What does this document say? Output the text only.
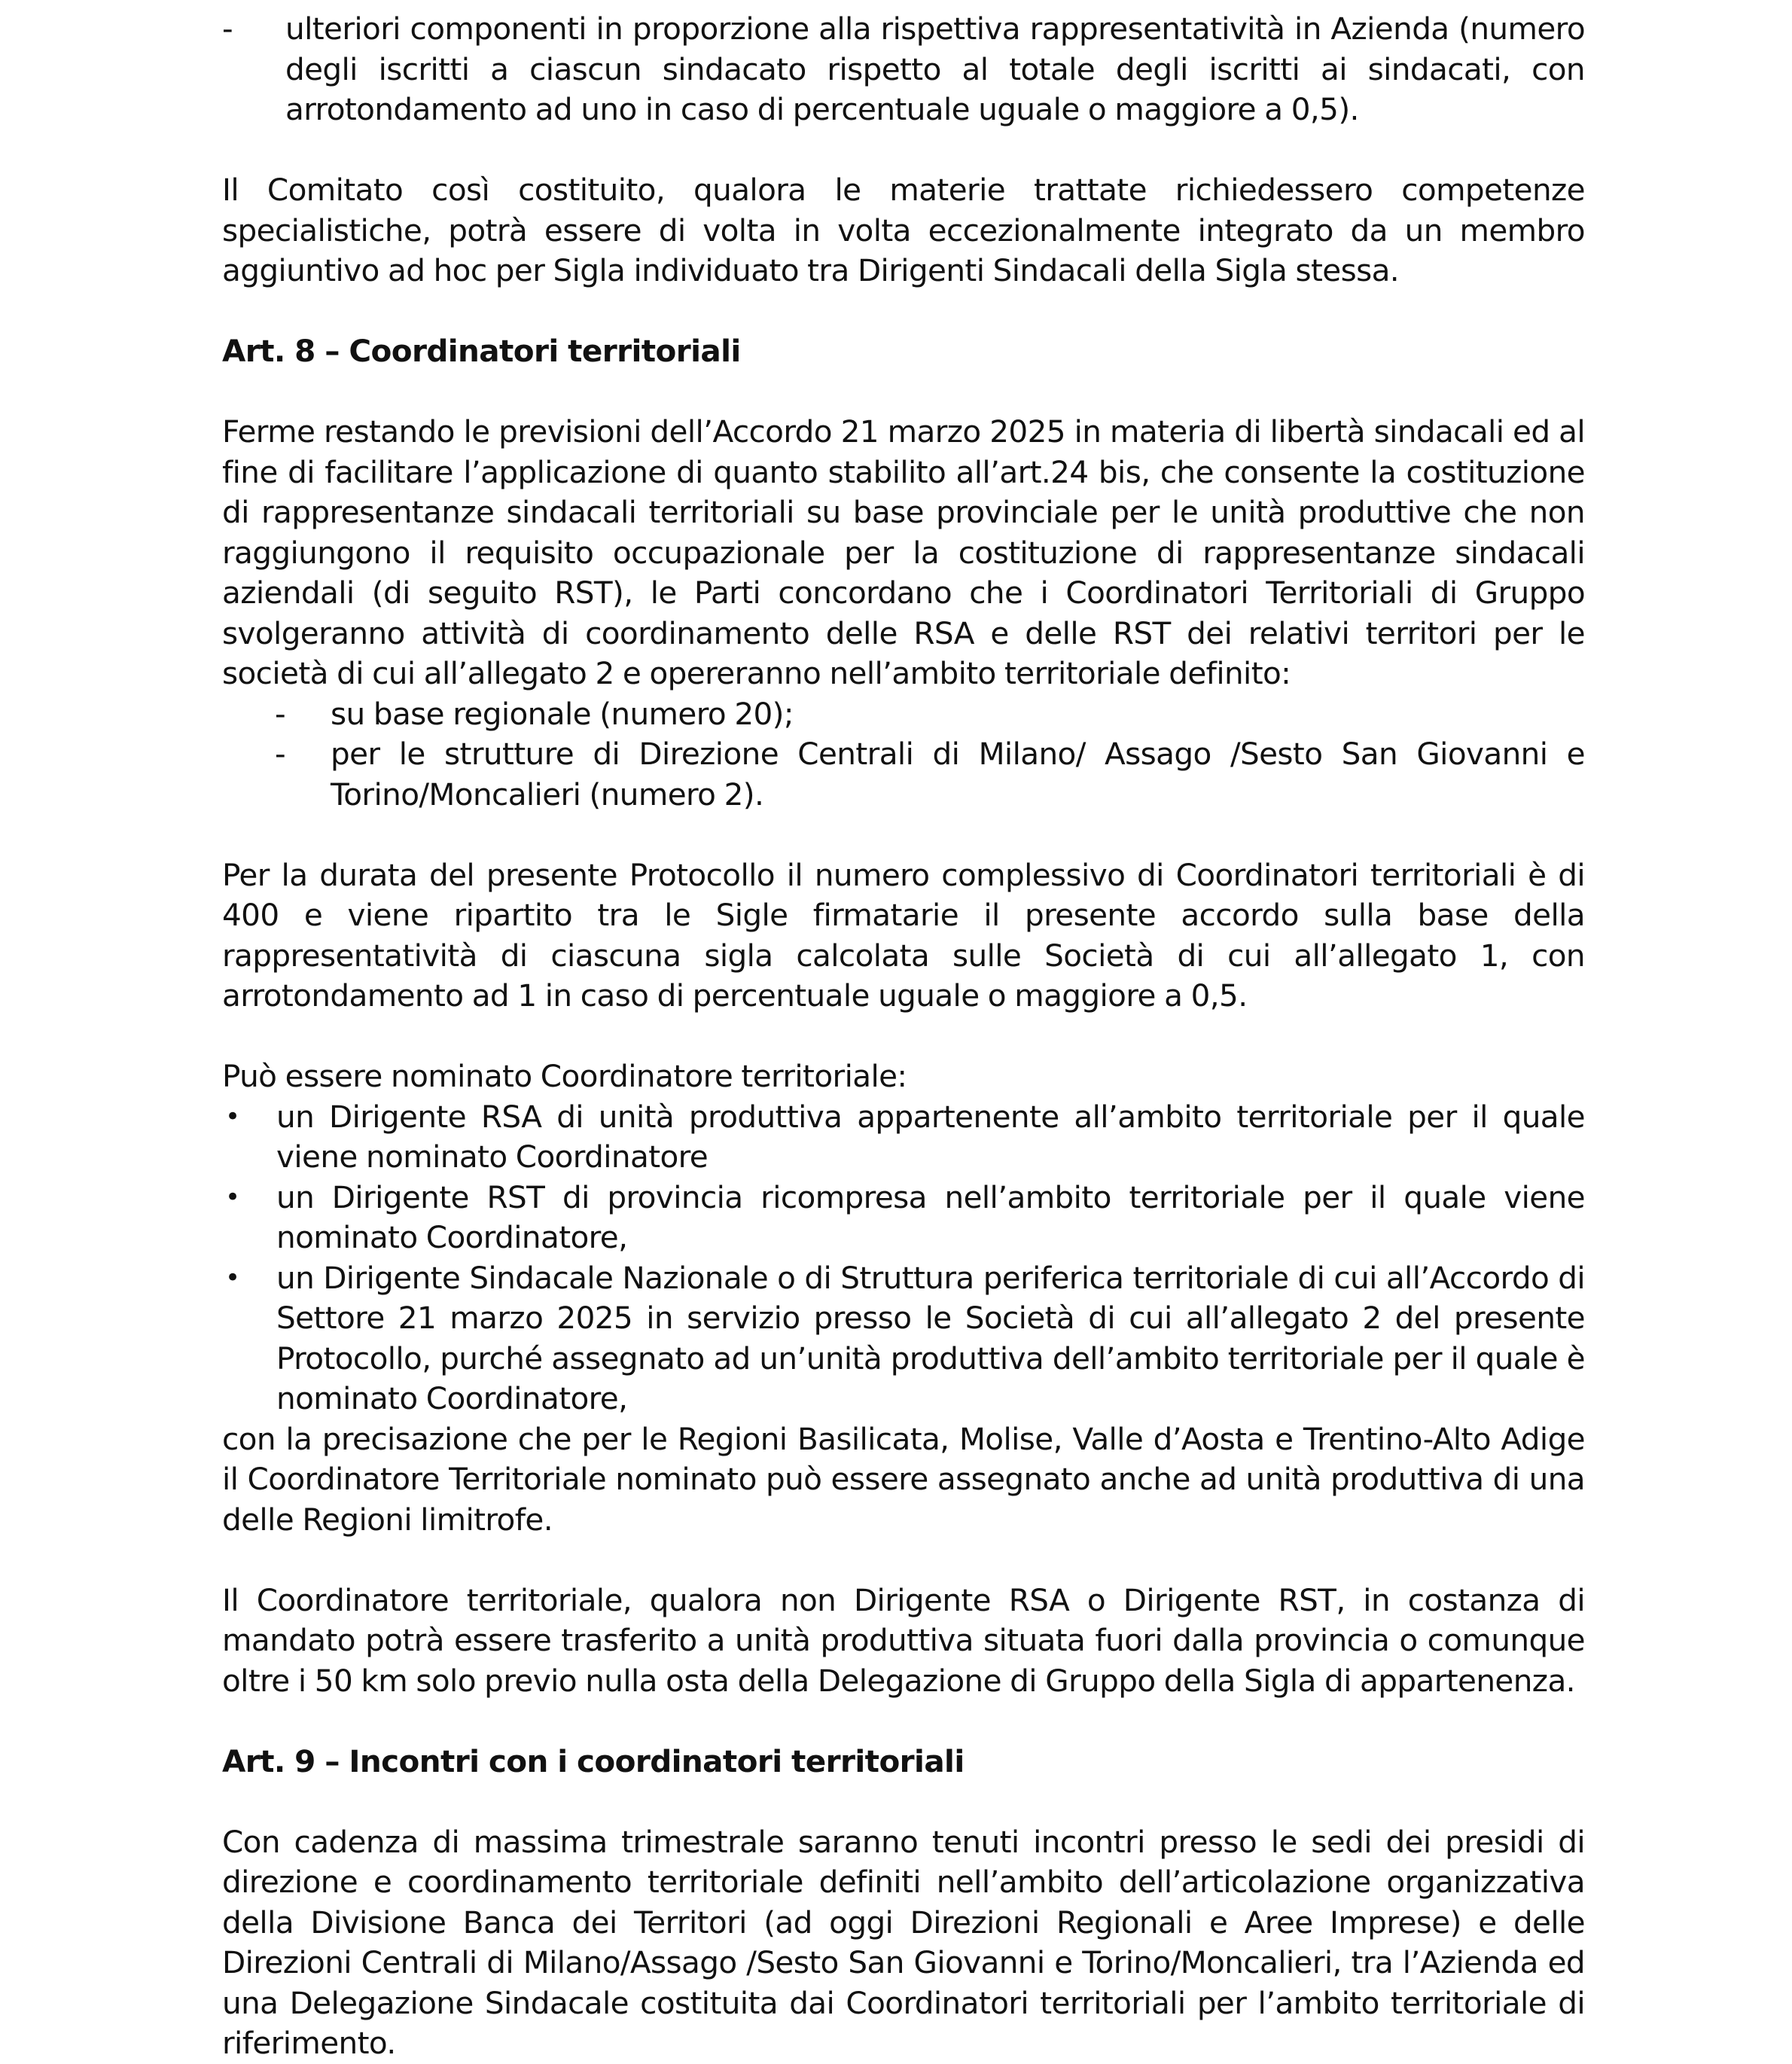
- ulteriori componenti in proporzione alla rispettiva rappresentatività in Azienda (numero degli iscritti a ciascun sindacato rispetto al totale degli iscritti ai sindacati, con arrotondamento ad uno in caso di percentuale uguale o maggiore a 0,5).

Il Comitato così costituito, qualora le materie trattate richiedessero competenze specialistiche, potrà essere di volta in volta eccezionalmente integrato da un membro aggiuntivo ad hoc per Sigla individuato tra Dirigenti Sindacali della Sigla stessa.

Art. 8 – Coordinatori territoriali

Ferme restando le previsioni dell’Accordo 21 marzo 2025 in materia di libertà sindacali ed al fine di facilitare l’applicazione di quanto stabilito all’art.24 bis, che consente la costituzione di rappresentanze sindacali territoriali su base provinciale per le unità produttive che non raggiungono il requisito occupazionale per la costituzione di rappresentanze sindacali aziendali (di seguito RST), le Parti concordano che i Coordinatori Territoriali di Gruppo svolgeranno attività di coordinamento delle RSA e delle RST dei relativi territori per le società di cui all’allegato 2 e opereranno nell’ambito territoriale definito:

- su base regionale (numero 20);
- per le strutture di Direzione Centrali di Milano/ Assago /Sesto San Giovanni e Torino/Moncalieri (numero 2).

Per la durata del presente Protocollo il numero complessivo di Coordinatori territoriali è di 400 e viene ripartito tra le Sigle firmatarie il presente accordo sulla base della rappresentatività di ciascuna sigla calcolata sulle Società di cui all’allegato 1, con arrotondamento ad 1 in caso di percentuale uguale o maggiore a 0,5.

Può essere nominato Coordinatore territoriale:

• un Dirigente RSA di unità produttiva appartenente all’ambito territoriale per il quale viene nominato Coordinatore
• un Dirigente RST di provincia ricompresa nell’ambito territoriale per il quale viene nominato Coordinatore,
• un Dirigente Sindacale Nazionale o di Struttura periferica territoriale di cui all’Accordo di Settore 21 marzo 2025 in servizio presso le Società di cui all’allegato 2 del presente Protocollo, purché assegnato ad un’unità produttiva dell’ambito territoriale per il quale è nominato Coordinatore,

con la precisazione che per le Regioni Basilicata, Molise, Valle d’Aosta e Trentino-Alto Adige il Coordinatore Territoriale nominato può essere assegnato anche ad unità produttiva di una delle Regioni limitrofe.

Il Coordinatore territoriale, qualora non Dirigente RSA o Dirigente RST, in costanza di mandato potrà essere trasferito a unità produttiva situata fuori dalla provincia o comunque oltre i 50 km solo previo nulla osta della Delegazione di Gruppo della Sigla di appartenenza.

Art. 9 – Incontri con i coordinatori territoriali

Con cadenza di massima trimestrale saranno tenuti incontri presso le sedi dei presidi di direzione e coordinamento territoriale definiti nell’ambito dell’articolazione organizzativa della Divisione Banca dei Territori (ad oggi Direzioni Regionali e Aree Imprese) e delle Direzioni Centrali di Milano/Assago /Sesto San Giovanni e Torino/Moncalieri, tra l’Azienda ed una Delegazione Sindacale costituita dai Coordinatori territoriali per l’ambito territoriale di riferimento.
